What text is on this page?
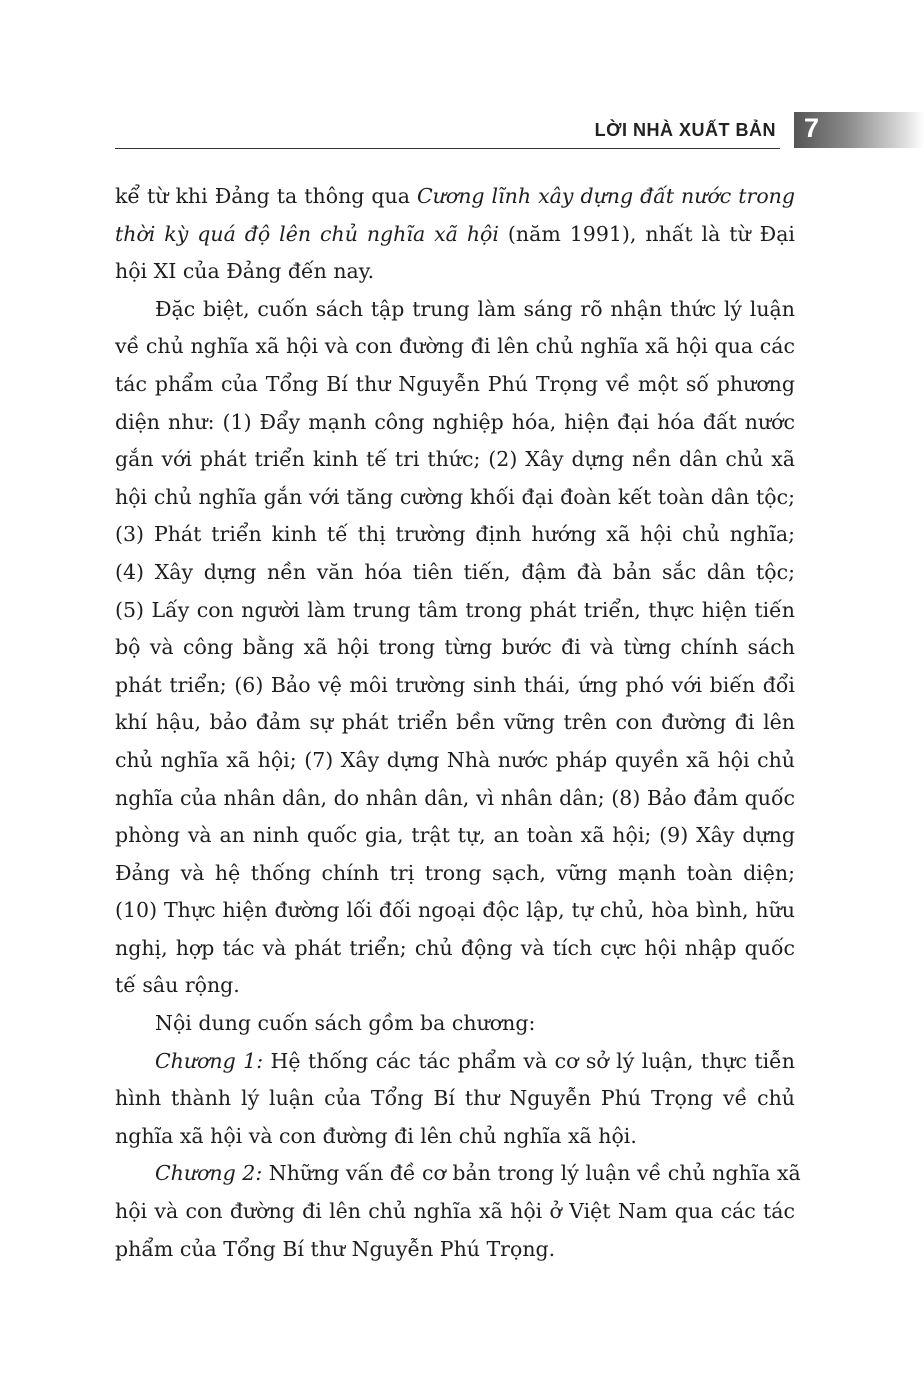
LỜI NHÀ XUẤT BẢN 7
kể từ khi Đảng ta thông qua Cương lĩnh xây dựng đất nước trong
thời kỳ quá độ lên chủ nghĩa xã hội (năm 1991), nhất là từ Đại
hội XI của Đảng đến nay.
Đặc biệt, cuốn sách tập trung làm sáng rõ nhận thức lý luận
về chủ nghĩa xã hội và con đường đi lên chủ nghĩa xã hội qua các
tác phẩm của Tổng Bí thư Nguyễn Phú Trọng về một số phương
diện như: (1) Đẩy mạnh công nghiệp hóa, hiện đại hóa đất nước
gắn với phát triển kinh tế tri thức; (2) Xây dựng nền dân chủ xã
hội chủ nghĩa gắn với tăng cường khối đại đoàn kết toàn dân tộc;
(3) Phát triển kinh tế thị trường định hướng xã hội chủ nghĩa;
(4) Xây dựng nền văn hóa tiên tiến, đậm đà bản sắc dân tộc;
(5) Lấy con người làm trung tâm trong phát triển, thực hiện tiến
bộ và công bằng xã hội trong từng bước đi và từng chính sách
phát triển; (6) Bảo vệ môi trường sinh thái, ứng phó với biến đổi
khí hậu, bảo đảm sự phát triển bền vững trên con đường đi lên
chủ nghĩa xã hội; (7) Xây dựng Nhà nước pháp quyền xã hội chủ
nghĩa của nhân dân, do nhân dân, vì nhân dân; (8) Bảo đảm quốc
phòng và an ninh quốc gia, trật tự, an toàn xã hội; (9) Xây dựng
Đảng và hệ thống chính trị trong sạch, vững mạnh toàn diện;
(10) Thực hiện đường lối đối ngoại độc lập, tự chủ, hòa bình, hữu
nghị, hợp tác và phát triển; chủ động và tích cực hội nhập quốc
tế sâu rộng.
Nội dung cuốn sách gồm ba chương:
Chương 1: Hệ thống các tác phẩm và cơ sở lý luận, thực tiễn
hình thành lý luận của Tổng Bí thư Nguyễn Phú Trọng về chủ
nghĩa xã hội và con đường đi lên chủ nghĩa xã hội.
Chương 2: Những vấn đề cơ bản trong lý luận về chủ nghĩa xã
hội và con đường đi lên chủ nghĩa xã hội ở Việt Nam qua các tác
phẩm của Tổng Bí thư Nguyễn Phú Trọng.
